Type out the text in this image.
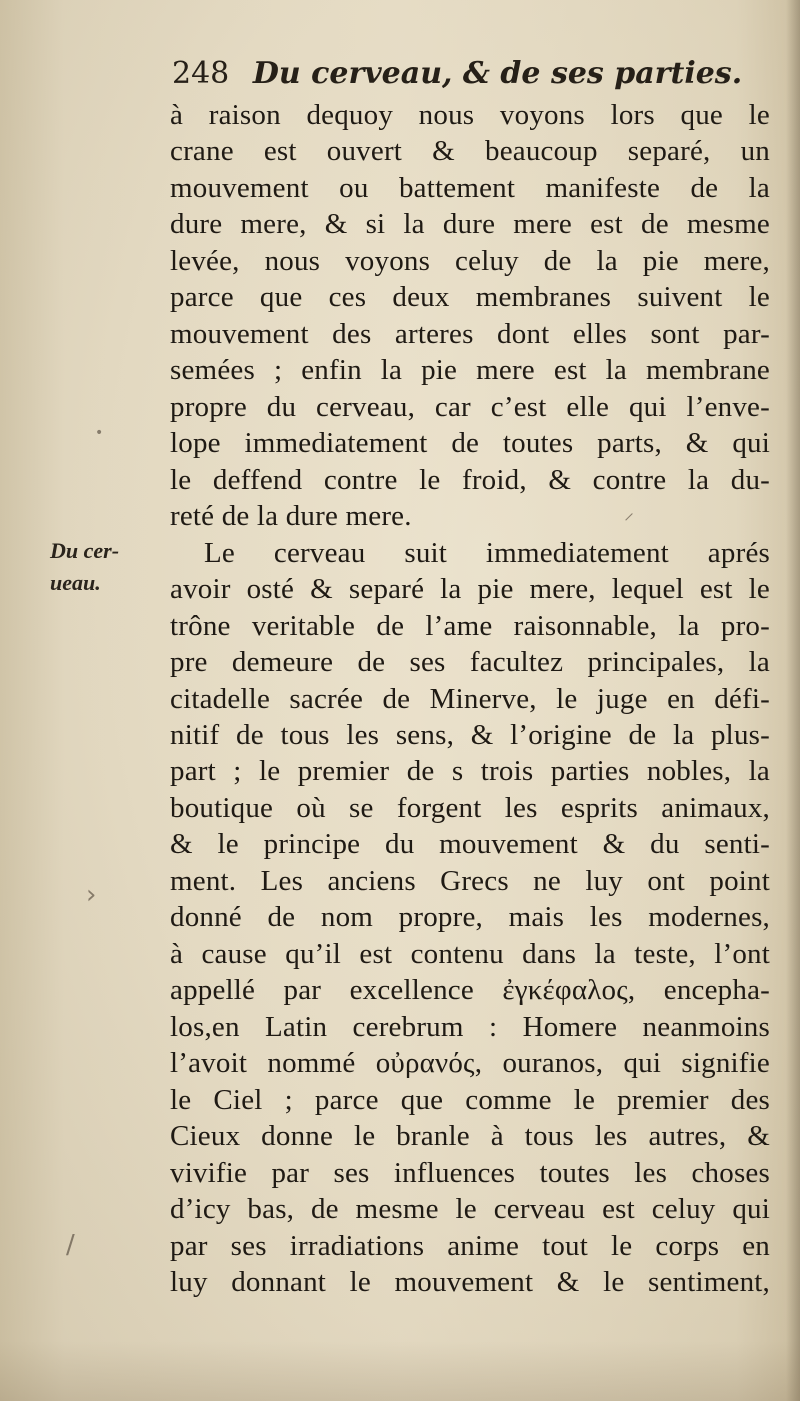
248 Du cerveau, & de ses parties.
Du cer-
ueau.
à raison dequoy nous voyons lors que le
crane est ouvert & beaucoup separé, un
mouvement ou battement manifeste de la
dure mere, & si la dure mere est de mesme
levée, nous voyons celuy de la pie mere,
parce que ces deux membranes suivent le
mouvement des arteres dont elles sont par-
semées ; enfin la pie mere est la membrane
propre du cerveau, car c’est elle qui l’enve-
lope immediatement de toutes parts, & qui
le deffend contre le froid, & contre la du-
reté de la dure mere.
Le cerveau suit immediatement aprés
avoir osté & separé la pie mere, lequel est le
trône veritable de l’ame raisonnable, la pro-
pre demeure de ses facultez principales, la
citadelle sacrée de Minerve, le juge en défi-
nitif de tous les sens, & l’origine de la plus-
part ; le premier de s trois parties nobles, la
boutique où se forgent les esprits animaux,
& le principe du mouvement & du senti-
ment. Les anciens Grecs ne luy ont point
donné de nom propre, mais les modernes,
à cause qu’il est contenu dans la teste, l’ont
appellé par excellence ἐγκέφαλος, encepha-
los,en Latin cerebrum : Homere neanmoins
l’avoit nommé οὐρανός, ouranos, qui signifie
le Ciel ; parce que comme le premier des
Cieux donne le branle à tous les autres, &
vivifie par ses influences toutes les choses
d’icy bas, de mesme le cerveau est celuy qui
par ses irradiations anime tout le corps en
luy donnant le mouvement & le sentiment,
•
›
/
⸝
